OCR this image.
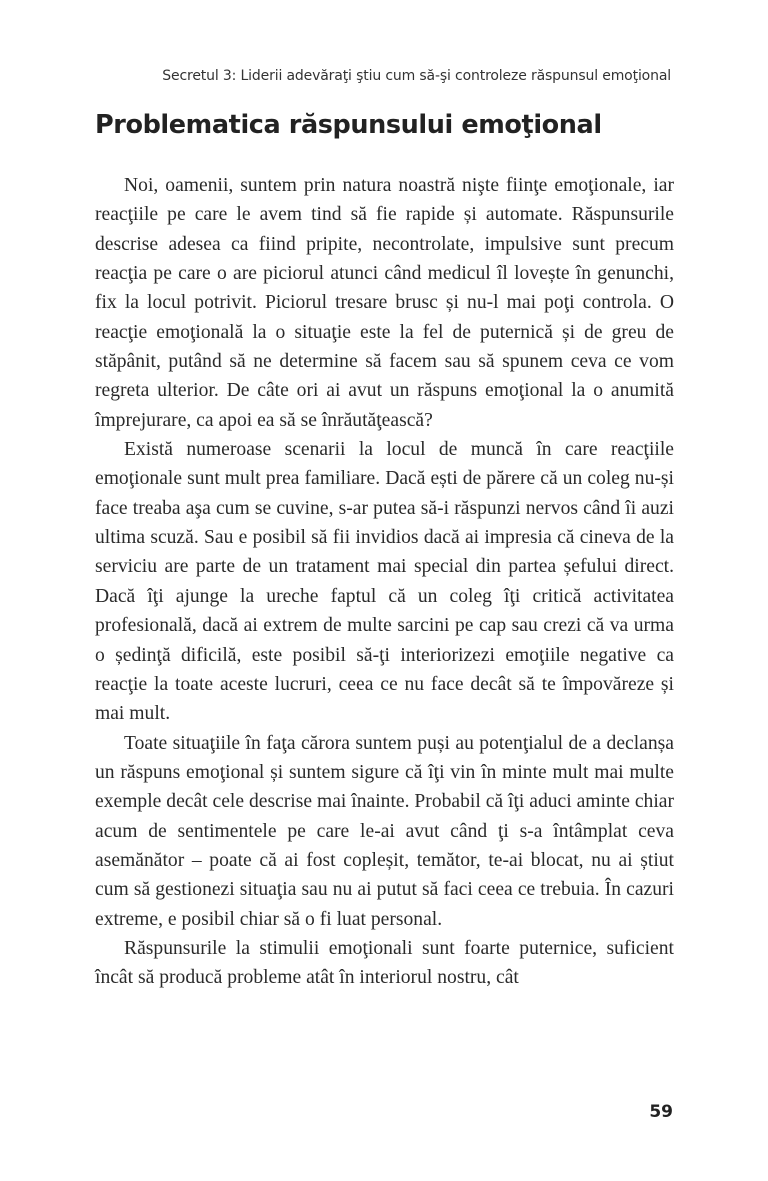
Secretul 3: Liderii adevăraţi ştiu cum să-şi controleze răspunsul emoţional
Problematica răspunsului emoţional

Noi, oamenii, suntem prin natura noastră nişte fiinţe emoţionale, iar reacţiile pe care le avem tind să fie rapide și automate. Răspunsurile descrise adesea ca fiind pripite, necontrolate, impulsive sunt precum reacţia pe care o are piciorul atunci când medicul îl lovește în genunchi, fix la locul potrivit. Piciorul tresare brusc și nu-l mai poţi controla. O reacţie emoţională la o situaţie este la fel de puternică și de greu de stăpânit, putând să ne determine să facem sau să spunem ceva ce vom regreta ulterior. De câte ori ai avut un răspuns emoţional la o anumită împrejurare, ca apoi ea să se înrăutăţească?

Există numeroase scenarii la locul de muncă în care reacţiile emoţionale sunt mult prea familiare. Dacă ești de părere că un coleg nu-și face treaba aşa cum se cuvine, s-ar putea să-i răspunzi nervos când îi auzi ultima scuză. Sau e posibil să fii invidios dacă ai impresia că cineva de la serviciu are parte de un tratament mai special din partea șefului direct. Dacă îţi ajunge la ureche faptul că un coleg îţi critică activitatea profesională, dacă ai extrem de multe sarcini pe cap sau crezi că va urma o ședinţă dificilă, este posibil să-ţi interiorizezi emoţiile negative ca reacţie la toate aceste lucruri, ceea ce nu face decât să te împovăreze și mai mult.

Toate situaţiile în faţa cărora suntem puși au potenţialul de a declanșa un răspuns emoţional și suntem sigure că îţi vin în minte mult mai multe exemple decât cele descrise mai înainte. Probabil că îţi aduci aminte chiar acum de sentimentele pe care le-ai avut când ţi s-a întâmplat ceva asemănător – poate că ai fost copleșit, temător, te-ai blocat, nu ai știut cum să gestionezi situaţia sau nu ai putut să faci ceea ce trebuia. În cazuri extreme, e posibil chiar să o fi luat personal.

Răspunsurile la stimulii emoţionali sunt foarte puternice, suficient încât să producă probleme atât în interiorul nostru, cât

59
